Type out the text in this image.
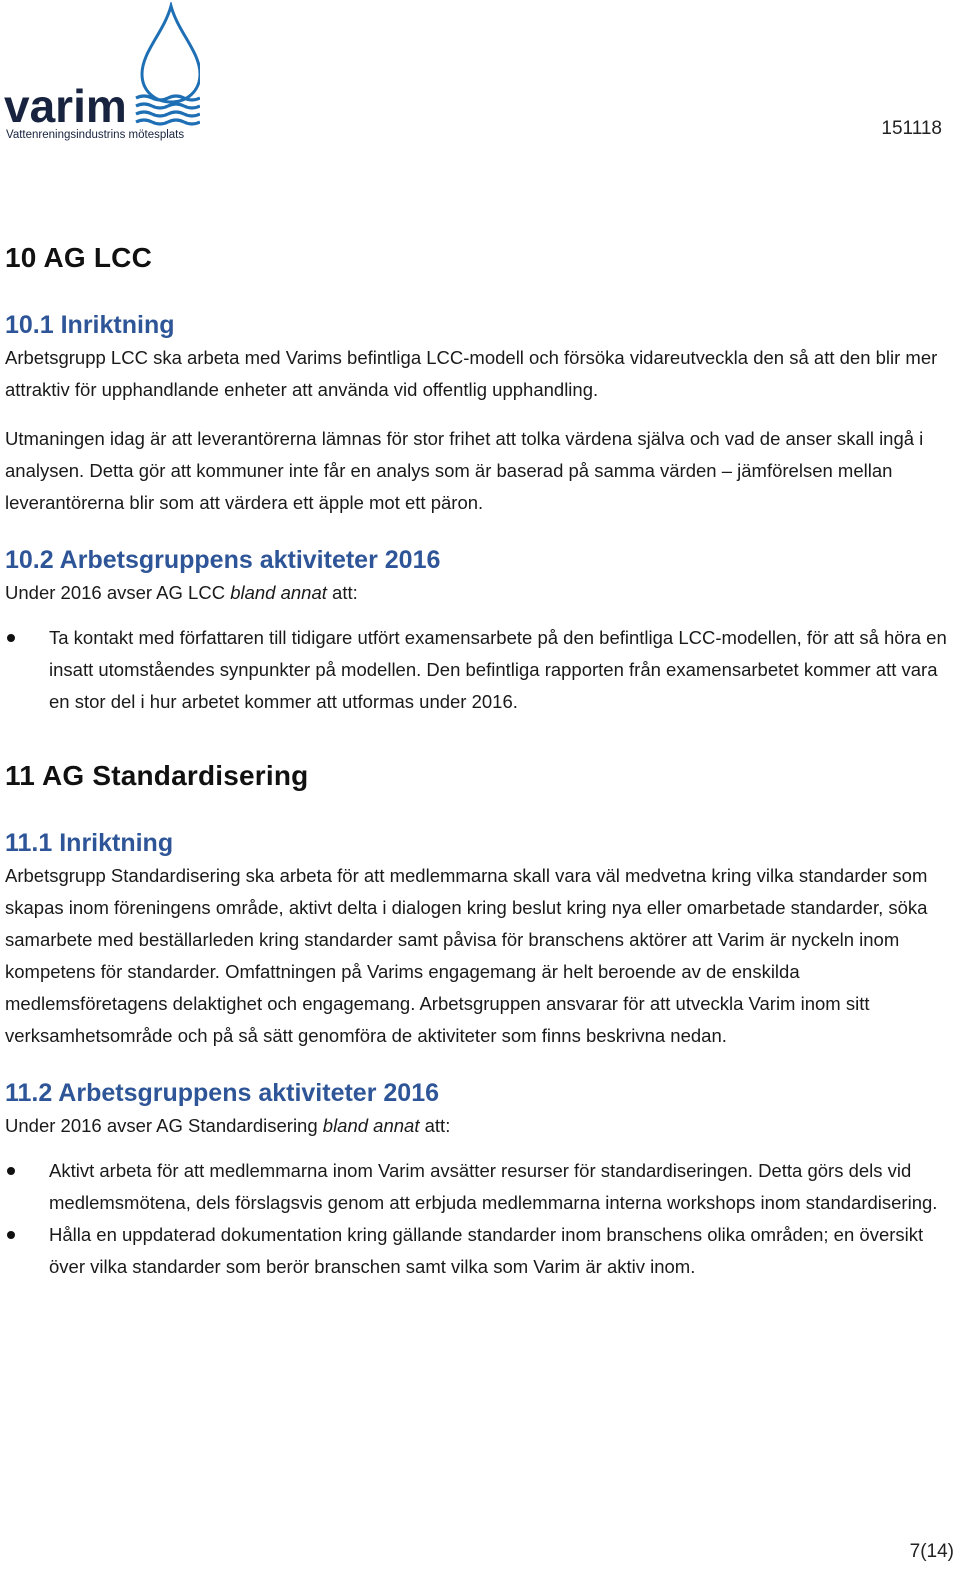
varim
Vattenreningsindustrins mötesplats	151118
10 AG LCC
10.1 Inriktning

Arbetsgrupp LCC ska arbeta med Varims befintliga LCC-modell och försöka vidareutveckla den så att den blir mer attraktiv för upphandlande enheter att använda vid offentlig upphandling.

Utmaningen idag är att leverantörerna lämnas för stor frihet att tolka värdena själva och vad de anser skall ingå i analysen. Detta gör att kommuner inte får en analys som är baserad på samma värden – jämförelsen mellan leverantörerna blir som att värdera ett äpple mot ett päron.

10.2 Arbetsgruppens aktiviteter 2016

Under 2016 avser AG LCC bland annat att:

Ta kontakt med författaren till tidigare utfört examensarbete på den befintliga LCC-modellen, för att så höra en insatt utomståendes synpunkter på modellen. Den befintliga rapporten från examensarbetet kommer att vara en stor del i hur arbetet kommer att utformas under 2016.
11 AG Standardisering
11.1 Inriktning

Arbetsgrupp Standardisering ska arbeta för att medlemmarna skall vara väl medvetna kring vilka standarder som skapas inom föreningens område, aktivt delta i dialogen kring beslut kring nya eller omarbetade standarder, söka samarbete med beställarleden kring standarder samt påvisa för branschens aktörer att Varim är nyckeln inom kompetens för standarder. Omfattningen på Varims engagemang är helt beroende av de enskilda medlemsföretagens delaktighet och engagemang. Arbetsgruppen ansvarar för att utveckla Varim inom sitt verksamhetsområde och på så sätt genomföra de aktiviteter som finns beskrivna nedan.

11.2 Arbetsgruppens aktiviteter 2016

Under 2016 avser AG Standardisering bland annat att:

Aktivt arbeta för att medlemmarna inom Varim avsätter resurser för standardiseringen. Detta görs dels vid medlemsmötena, dels förslagsvis genom att erbjuda medlemmarna interna workshops inom standardisering.
Hålla en uppdaterad dokumentation kring gällande standarder inom branschens olika områden; en översikt över vilka standarder som berör branschen samt vilka som Varim är aktiv inom.
7(14)
